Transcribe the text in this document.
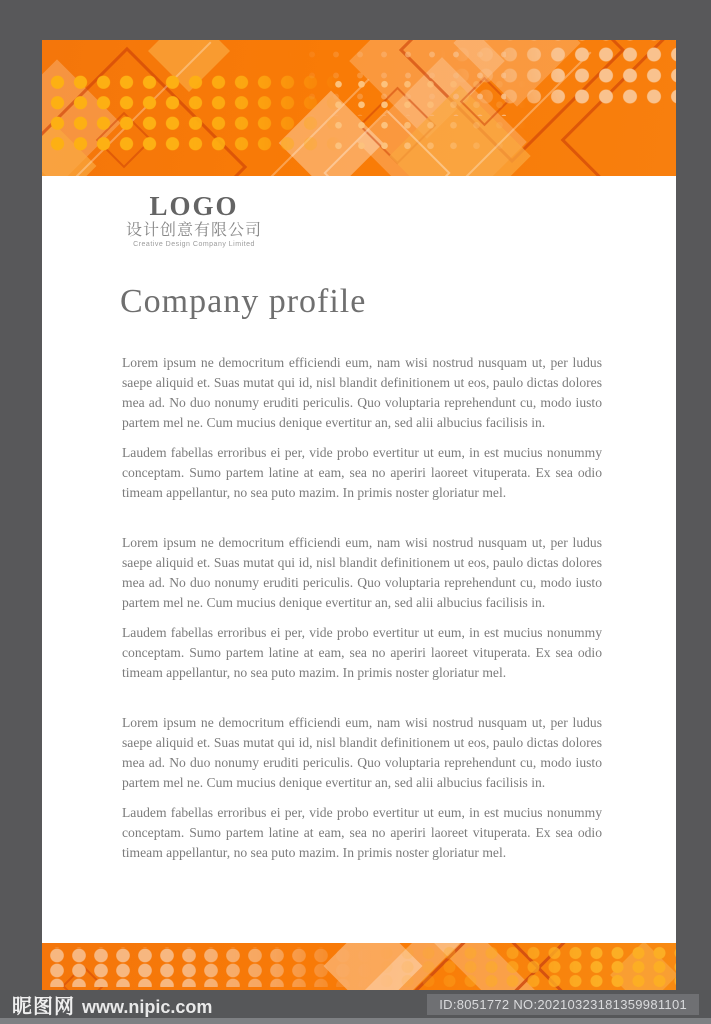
LOGO
设计创意有限公司
Creative Design Company Limited
Company profile

Lorem ipsum ne democritum efficiendi eum, nam wisi nostrud nusquam ut, per ludus saepe aliquid et. Suas mutat qui id, nisl blandit definitionem ut eos, paulo dictas dolores mea ad. No duo nonumy eruditi periculis. Quo voluptaria reprehendunt cu, modo iusto partem mel ne. Cum mucius denique evertitur an, sed alii albucius facilisis in.

Laudem fabellas erroribus ei per, vide probo evertitur ut eum, in est mucius nonummy conceptam. Sumo partem latine at eam, sea no aperiri laoreet vituperata. Ex sea odio timeam appellantur, no sea puto mazim. In primis noster gloriatur mel.

Lorem ipsum ne democritum efficiendi eum, nam wisi nostrud nusquam ut, per ludus saepe aliquid et. Suas mutat qui id, nisl blandit definitionem ut eos, paulo dictas dolores mea ad. No duo nonumy eruditi periculis. Quo voluptaria reprehendunt cu, modo iusto partem mel ne. Cum mucius denique evertitur an, sed alii albucius facilisis in.

Laudem fabellas erroribus ei per, vide probo evertitur ut eum, in est mucius nonummy conceptam. Sumo partem latine at eam, sea no aperiri laoreet vituperata. Ex sea odio timeam appellantur, no sea puto mazim. In primis noster gloriatur mel.

Lorem ipsum ne democritum efficiendi eum, nam wisi nostrud nusquam ut, per ludus saepe aliquid et. Suas mutat qui id, nisl blandit definitionem ut eos, paulo dictas dolores mea ad. No duo nonumy eruditi periculis. Quo voluptaria reprehendunt cu, modo iusto partem mel ne. Cum mucius denique evertitur an, sed alii albucius facilisis in.

Laudem fabellas erroribus ei per, vide probo evertitur ut eum, in est mucius nonummy conceptam. Sumo partem latine at eam, sea no aperiri laoreet vituperata. Ex sea odio timeam appellantur, no sea puto mazim. In primis noster gloriatur mel.

昵图网 www.nipic.com	ID:8051772 NO:20210323181359981101
